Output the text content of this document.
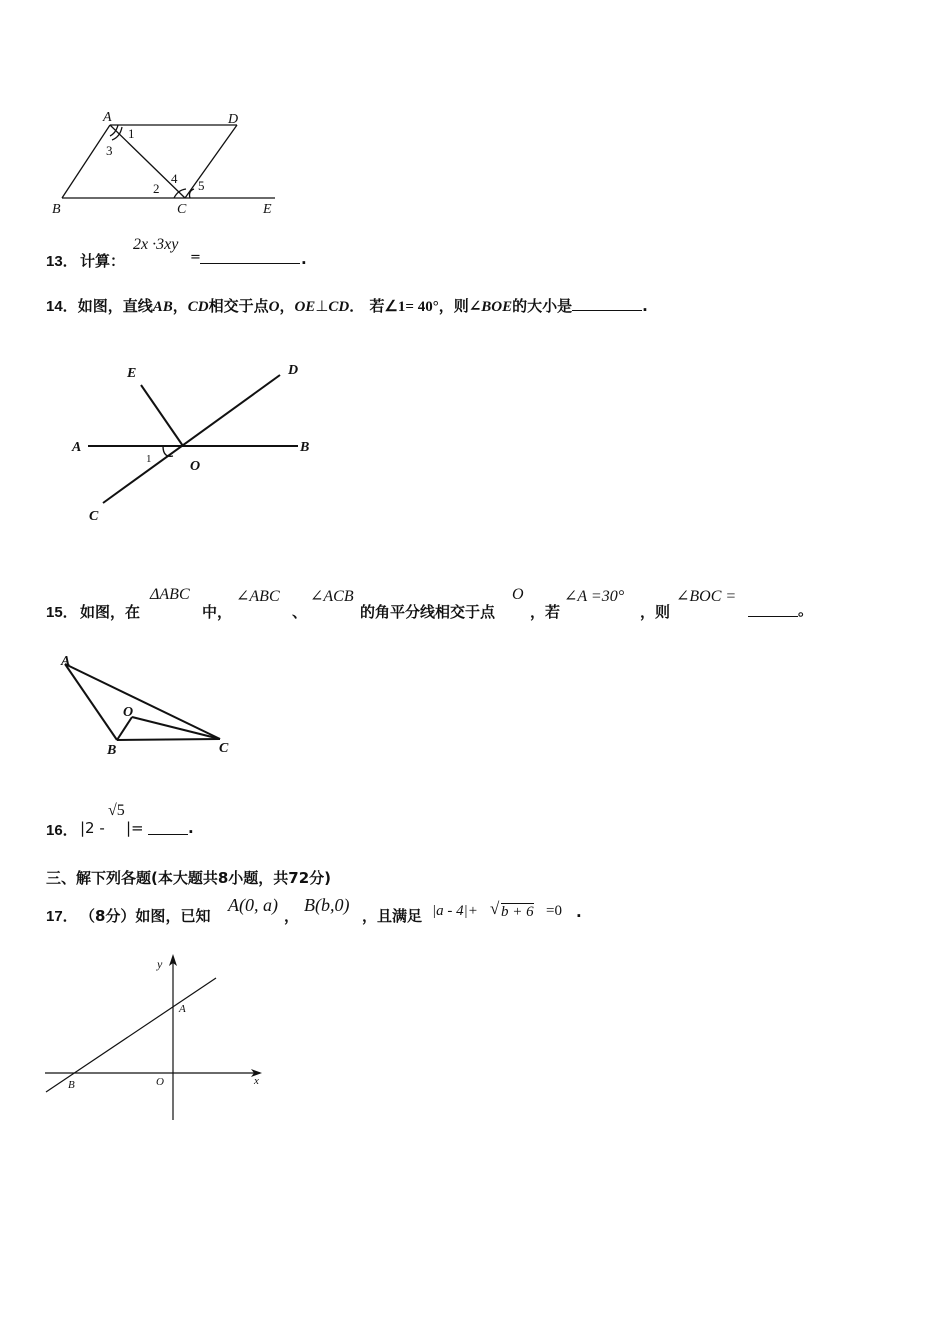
A	D
B	C	E
1
3
2
4 5
13． 计算：
2x ·3xy
=	.
14．如图，直线AB，CD相交于点O，OE⊥CD． 若∠1= 40°，则∠BOE的大小是	.
E	D
A	B
C
O
1
15． 如图，在
ΔABC
中，
∠ABC
、
∠ACB
的角平分线相交于点
O
，若
∠A =30°
，则
∠BOC =
。
A
O
B	C
16． |2 -
√5
|=	.
三、解下列各题(本大题共8小题，共72分)
17． （8分）如图，已知
A(0, a)
，
B(b,0)
，且满足 |a - 4|+ √ b + 6 =0 .
y
A
B	O	x
